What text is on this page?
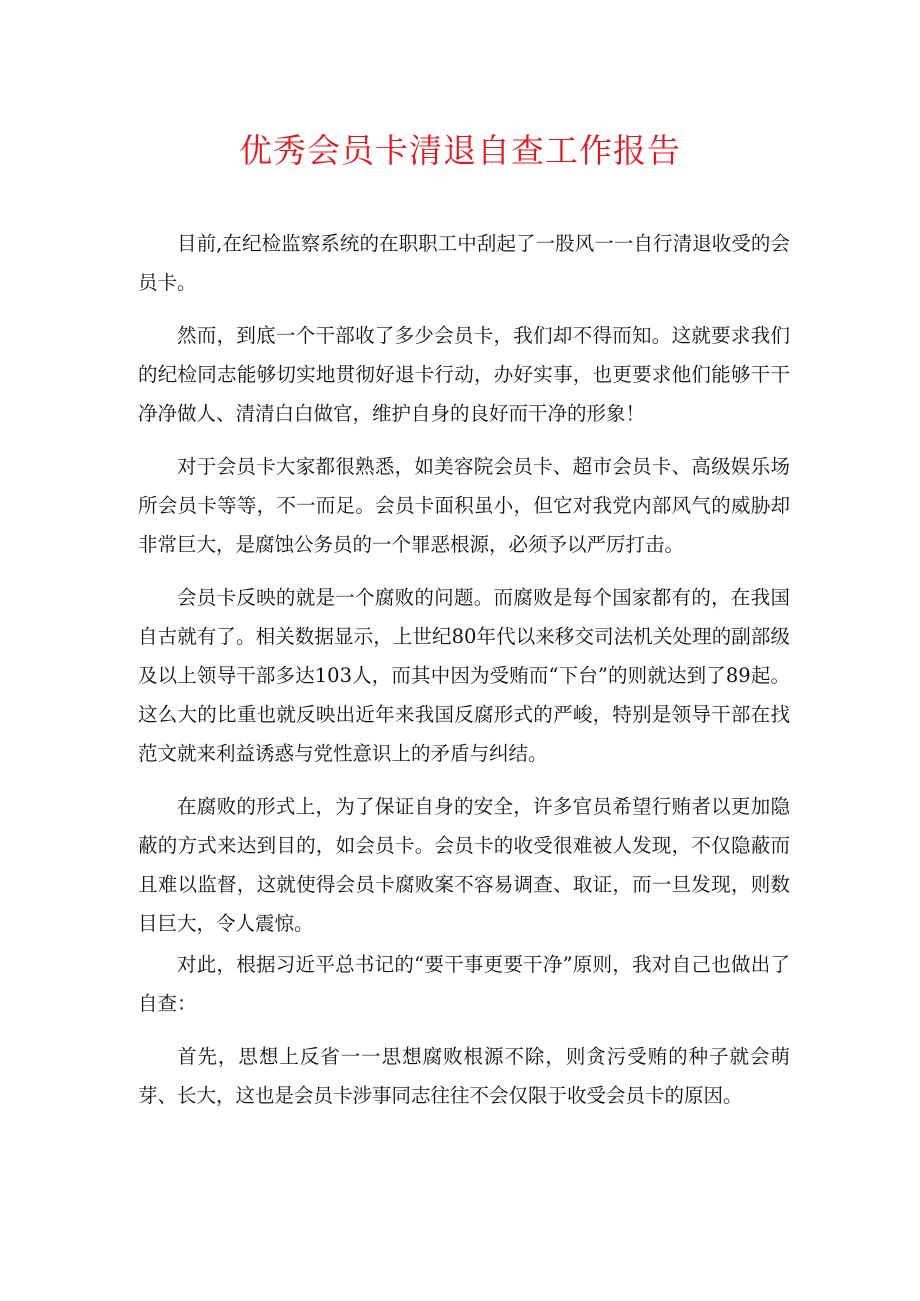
优秀会员卡清退自查工作报告

目前,在纪检监察系统的在职职工中刮起了一股风一一自行清退收受的会员卡。

然而，到底一个干部收了多少会员卡，我们却不得而知。这就要求我们的纪检同志能够切实地贯彻好退卡行动，办好实事，也更要求他们能够干干净净做人、清清白白做官，维护自身的良好而干净的形象！

对于会员卡大家都很熟悉，如美容院会员卡、超市会员卡、高级娱乐场所会员卡等等，不一而足。会员卡面积虽小，但它对我党内部风气的威胁却非常巨大，是腐蚀公务员的一个罪恶根源，必须予以严厉打击。

会员卡反映的就是一个腐败的问题。而腐败是每个国家都有的，在我国自古就有了。相关数据显示，上世纪80年代以来移交司法机关处理的副部级及以上领导干部多达103人，而其中因为受贿而“下台”的则就达到了89起。这么大的比重也就反映出近年来我国反腐形式的严峻，特别是领导干部在找范文就来利益诱惑与党性意识上的矛盾与纠结。

在腐败的形式上，为了保证自身的安全，许多官员希望行贿者以更加隐蔽的方式来达到目的，如会员卡。会员卡的收受很难被人发现，不仅隐蔽而且难以监督，这就使得会员卡腐败案不容易调查、取证，而一旦发现，则数目巨大，令人震惊。

对此，根据习近平总书记的“要干事更要干净”原则，我对自己也做出了自查：

首先，思想上反省一一思想腐败根源不除，则贪污受贿的种子就会萌芽、长大，这也是会员卡涉事同志往往不会仅限于收受会员卡的原因。
